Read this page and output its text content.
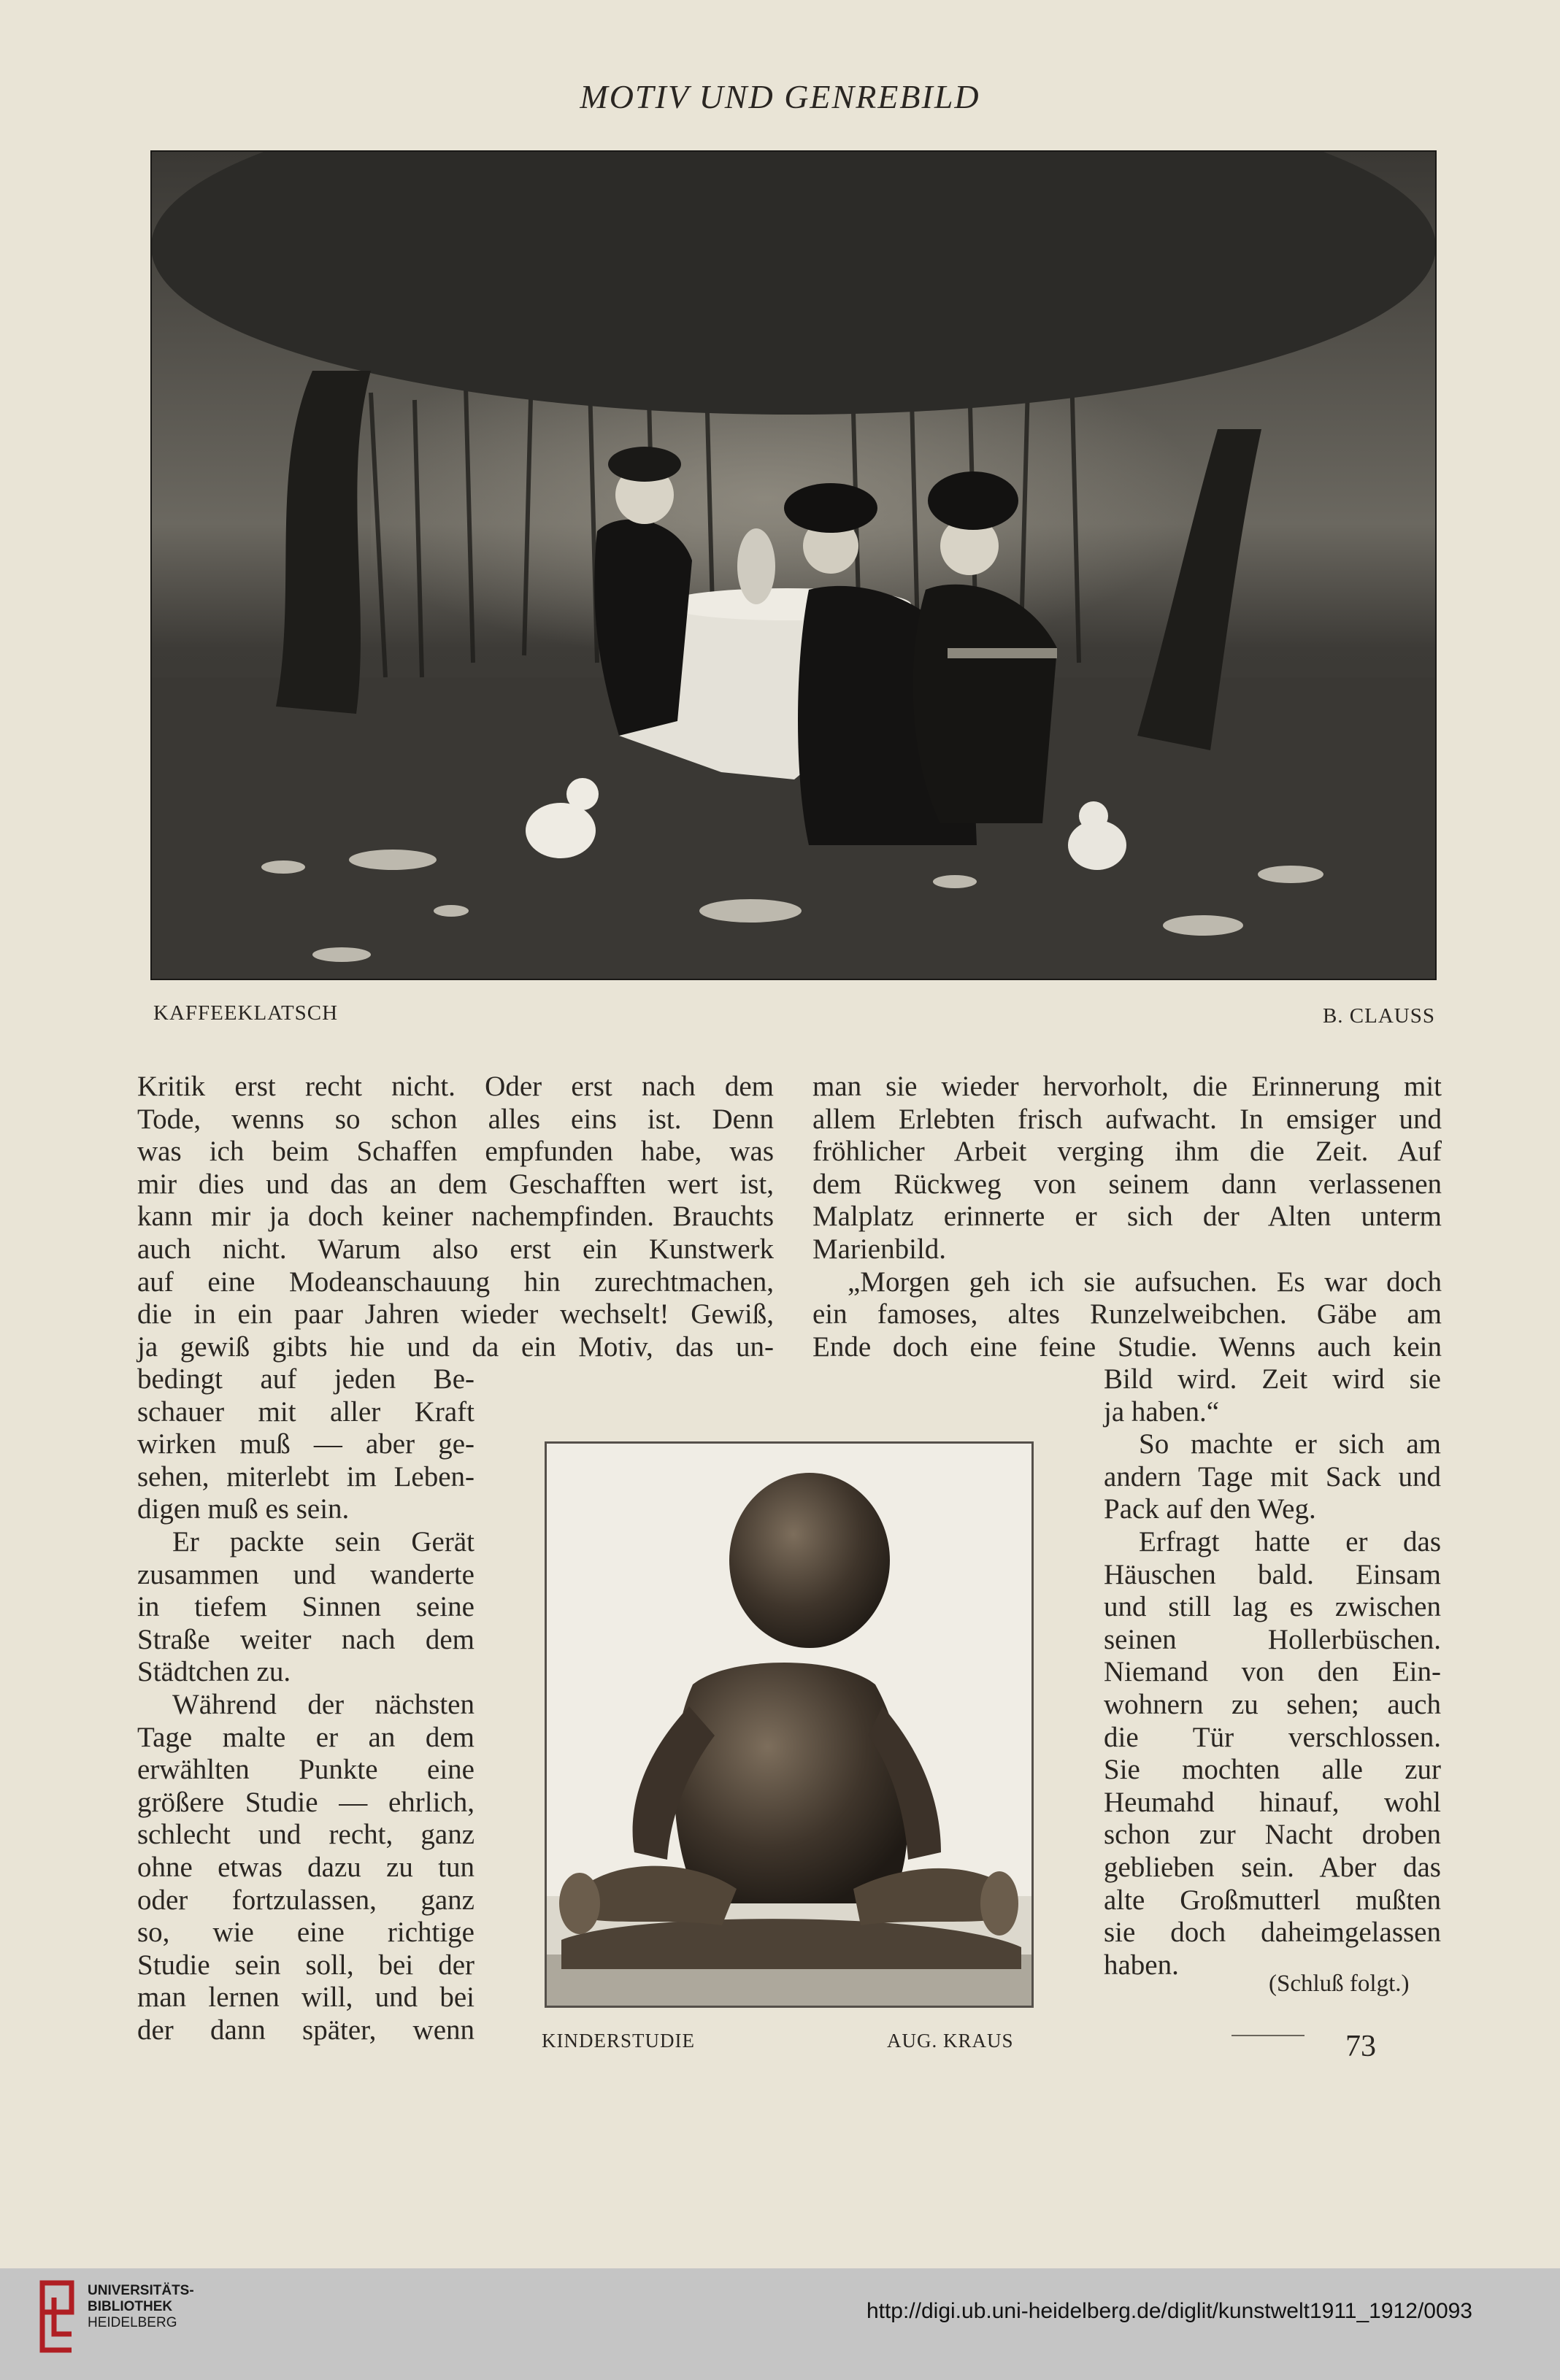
MOTIV UND GENREBILD
KAFFEEKLATSCH	B. CLAUSS
Kritik erst recht nicht. Oder erst nach dem
Tode, wenns so schon alles eins ist. Denn
was ich beim Schaffen empfunden habe, was
mir dies und das an dem Geschafften wert ist,
kann mir ja doch keiner nachempfinden. Brauchts
auch nicht. Warum also erst ein Kunstwerk
auf eine Modeanschauung hin zurechtmachen,
die in ein paar Jahren wieder wechselt! Gewiß,
ja gewiß gibts hie und da ein Motiv, das un-
bedingt auf jeden Be-
schauer mit aller Kraft
wirken muß — aber ge-
sehen, miterlebt im Leben-
digen muß es sein.
Er packte sein Gerät
zusammen und wanderte
in tiefem Sinnen seine
Straße weiter nach dem
Städtchen zu.
Während der nächsten
Tage malte er an dem
erwählten Punkte eine
größere Studie — ehrlich,
schlecht und recht, ganz
ohne etwas dazu zu tun
oder fortzulassen, ganz
so, wie eine richtige
Studie sein soll, bei der
man lernen will, und bei
der dann später, wenn
man sie wieder hervorholt, die Erinnerung mit
allem Erlebten frisch aufwacht. In emsiger und
fröhlicher Arbeit verging ihm die Zeit. Auf
dem Rückweg von seinem dann verlassenen
Malplatz erinnerte er sich der Alten unterm
Marienbild.
„Morgen geh ich sie aufsuchen. Es war doch
ein famoses, altes Runzelweibchen. Gäbe am
Ende doch eine feine Studie. Wenns auch kein
Bild wird. Zeit wird sie
ja haben.“
So machte er sich am
andern Tage mit Sack und
Pack auf den Weg.
Erfragt hatte er das
Häuschen bald. Einsam
und still lag es zwischen
seinen Hollerbüschen.
Niemand von den Ein-
wohnern zu sehen; auch
die Tür verschlossen.
Sie mochten alle zur
Heumahd hinauf, wohl
schon zur Nacht droben
geblieben sein. Aber das
alte Großmutterl mußten
sie doch daheimgelassen
haben.
(Schluß folgt.)
KINDERSTUDIE	AUG. KRAUS	73
UNIVERSITÄTS-
BIBLIOTHEK
HEIDELBERG	http://digi.ub.uni-heidelberg.de/diglit/kunstwelt1911_1912/0093
